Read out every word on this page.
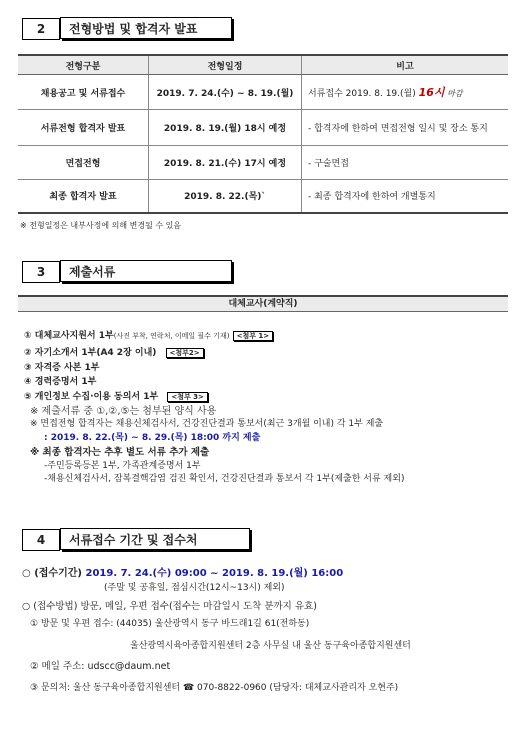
2	전형방법 및 합격자 발표
전형구분	전형일정	비고
채용공고 및 서류접수	2019. 7. 24.(수) ~ 8. 19.(월)	서류접수 2019. 8. 19.(월) 16시 마감
서류전형 합격자 발표	2019. 8. 19.(월) 18시 예정	- 합격자에 한하여 면접전형 일시 및 장소 통지
면접전형	2019. 8. 21.(수) 17시 예정	- 구술면접
최종 합격자 발표	2019. 8. 22.(목)`	- 최종 합격자에 한하여 개별통지
※ 전형일정은 내부사정에 의해 변경될 수 있음
3	제출서류
대체교사(계약직)
① 대체교사지원서 1부(사진 부착, 연락처, 이메일 필수 기재) <첨부 1>
② 자기소개서 1부(A4 2장 이내) <첨부2>
③ 자격증 사본 1부
④ 경력증명서 1부
⑤ 개인정보 수집·이용 동의서 1부 <첨부 3>
※ 제출서류 중 ①,②,⑤는 첨부된 양식 사용
※ 면접전형 합격자는 채용신체검사서, 건강진단결과 통보서(최근 3개월 이내) 각 1부 제출
: 2019. 8. 22.(목) ~ 8. 29.(목) 18:00 까지 제출
※ 최종 합격자는 추후 별도 서류 추가 제출
-주민등록등본 1부, 가족관계증명서 1부
-채용신체검사서, 잠복결핵감염 검진 확인서, 건강진단결과 통보서 각 1부(제출한 서류 제외)
4	서류접수 기간 및 접수처
○ (접수기간) 2019. 7. 24.(수) 09:00 ~ 2019. 8. 19.(월) 16:00
(주말 및 공휴일, 점심시간(12시~13시) 제외)
○ (접수방법) 방문, 메일, 우편 접수(접수는 마감일시 도착 분까지 유효)
① 방문 및 우편 접수: (44035) 울산광역시 동구 바드래1길 61(전하동)
울산광역시육아종합지원센터 2층 사무실 내 울산 동구육아종합지원센터
② 메일 주소: udscc@daum.net
③ 문의처: 울산 동구육아종합지원센터 ☎ 070-8822-0960 (담당자: 대체교사관리자 오현주)
